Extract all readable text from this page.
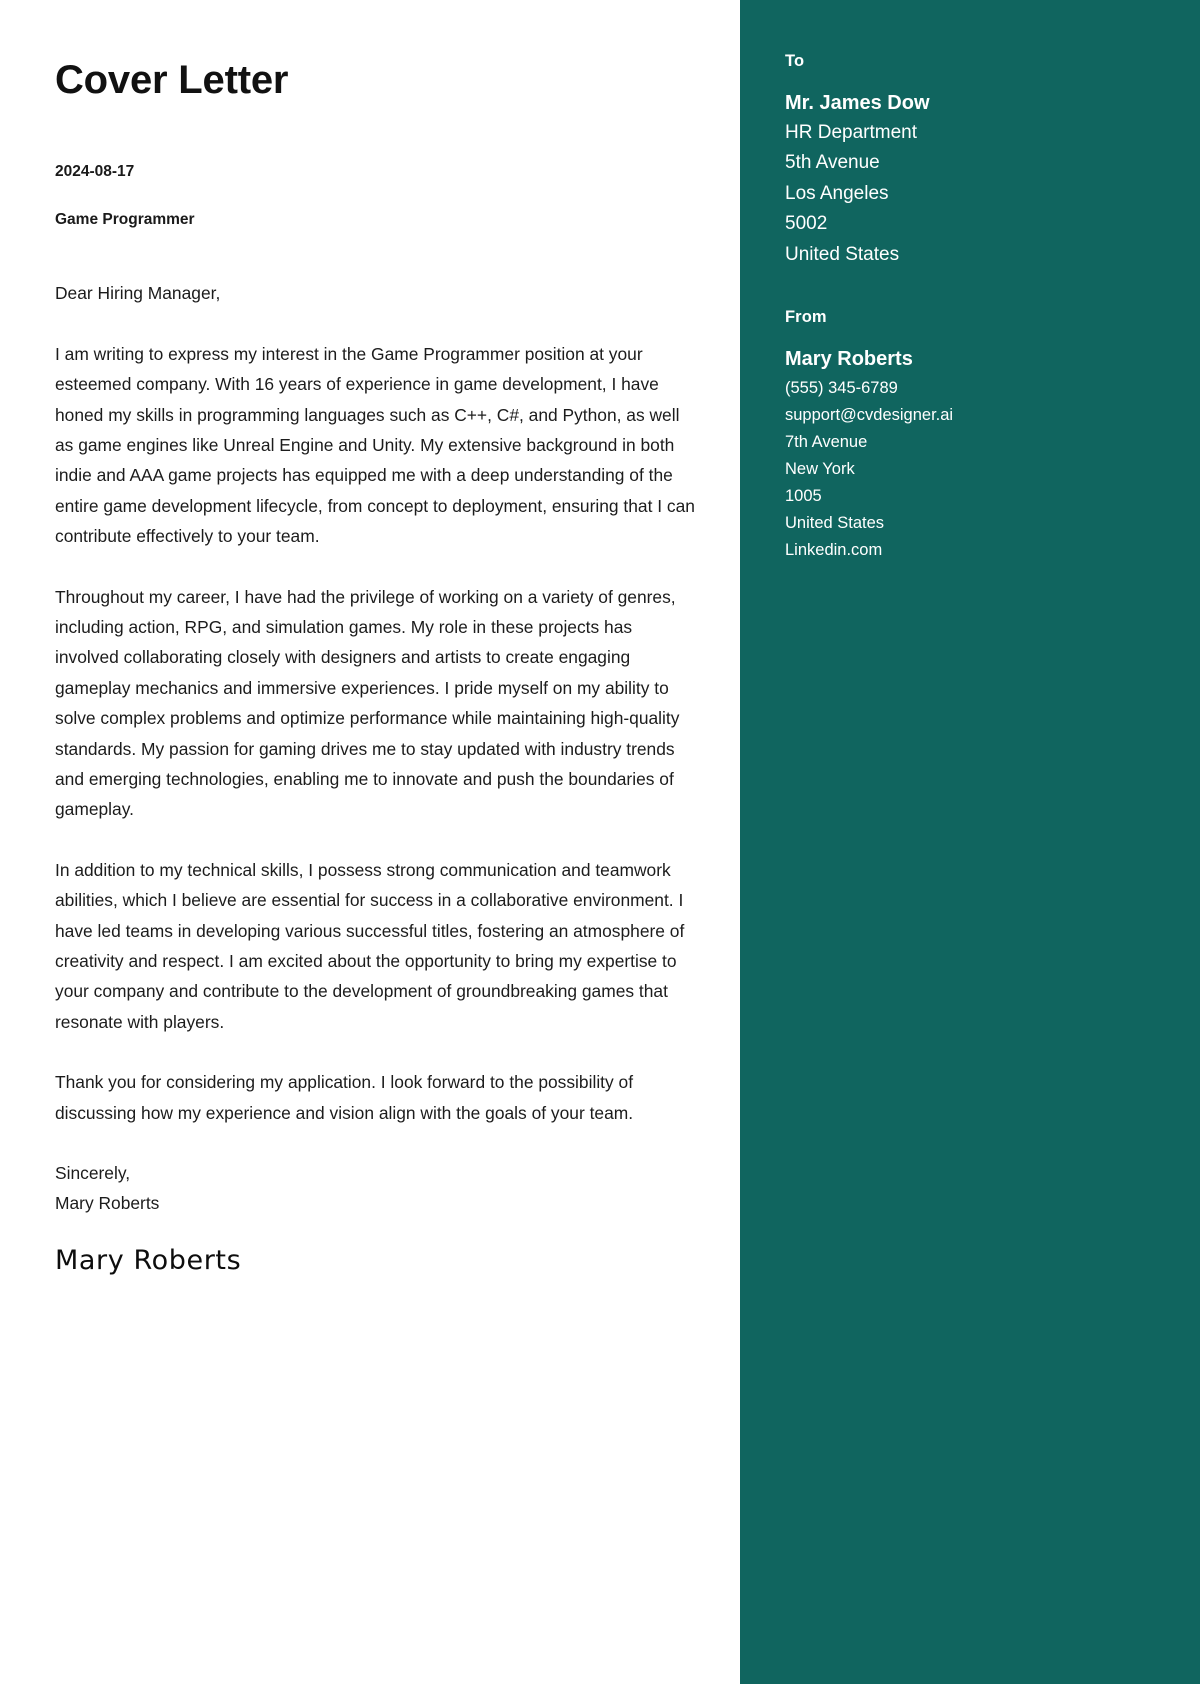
Cover Letter
2024-08-17
Game Programmer

Dear Hiring Manager,

I am writing to express my interest in the Game Programmer position at your esteemed company. With 16 years of experience in game development, I have honed my skills in programming languages such as C++, C#, and Python, as well as game engines like Unreal Engine and Unity. My extensive background in both indie and AAA game projects has equipped me with a deep understanding of the entire game development lifecycle, from concept to deployment, ensuring that I can contribute effectively to your team.

Throughout my career, I have had the privilege of working on a variety of genres, including action, RPG, and simulation games. My role in these projects has involved collaborating closely with designers and artists to create engaging gameplay mechanics and immersive experiences. I pride myself on my ability to solve complex problems and optimize performance while maintaining high-quality standards. My passion for gaming drives me to stay updated with industry trends and emerging technologies, enabling me to innovate and push the boundaries of gameplay.

In addition to my technical skills, I possess strong communication and teamwork abilities, which I believe are essential for success in a collaborative environment. I have led teams in developing various successful titles, fostering an atmosphere of creativity and respect. I am excited about the opportunity to bring my expertise to your company and contribute to the development of groundbreaking games that resonate with players.

Thank you for considering my application. I look forward to the possibility of discussing how my experience and vision align with the goals of your team.

Sincerely,
Mary Roberts
Mary Roberts
To
Mr. James Dow
HR Department
5th Avenue
Los Angeles
5002
United States
From
Mary Roberts
(555) 345-6789
support@cvdesigner.ai
7th Avenue
New York
1005
United States
Linkedin.com
